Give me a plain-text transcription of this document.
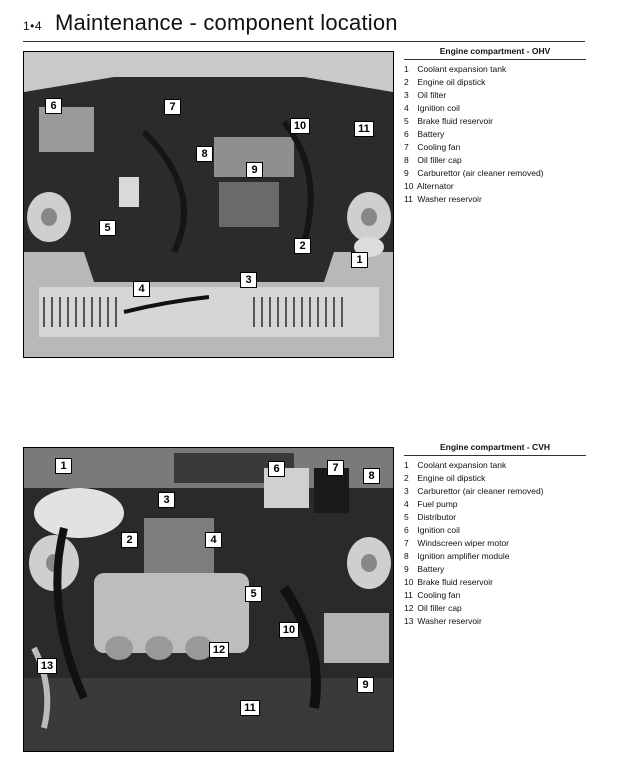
1•4 Maintenance - component location
6	7
10	11
8
9
5
2
1
3
4
Engine compartment - OHV
1 Coolant expansion tank
2 Engine oil dipstick
3 Oil filter
4 Ignition coil
5 Brake fluid reservoir
6 Battery
7 Cooling fan
8 Oil filler cap
9 Carburettor (air cleaner removed)
10 Alternator
11 Washer reservoir
1	6	7
8
3
2	4
5
10
12
13
9
11
Engine compartment - CVH
1 Coolant expansion tank
2 Engine oil dipstick
3 Carburettor (air cleaner removed)
4 Fuel pump
5 Distributor
6 Ignition coil
7 Windscreen wiper motor
8 Ignition amplifier module
9 Battery
10 Brake fluid reservoir
11 Cooling fan
12 Oil filler cap
13 Washer reservoir
